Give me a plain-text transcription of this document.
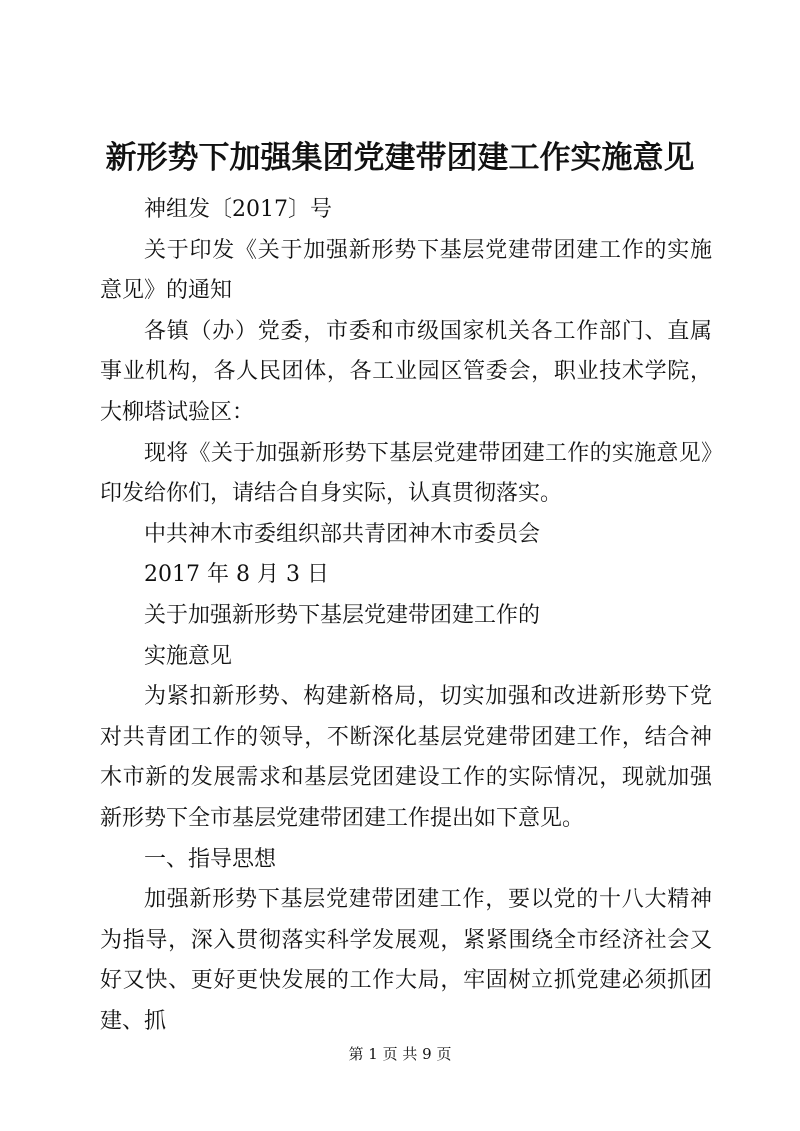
新形势下加强集团党建带团建工作实施意见

神组发〔2017〕号

关于印发《关于加强新形势下基层党建带团建工作的实施意见》的通知

各镇（办）党委，市委和市级国家机关各工作部门、直属事业机构，各人民团体，各工业园区管委会，职业技术学院，大柳塔试验区：

现将《关于加强新形势下基层党建带团建工作的实施意见》印发给你们，请结合自身实际，认真贯彻落实。

中共神木市委组织部共青团神木市委员会

2017 年 8 月 3 日

关于加强新形势下基层党建带团建工作的

实施意见

为紧扣新形势、构建新格局，切实加强和改进新形势下党对共青团工作的领导，不断深化基层党建带团建工作，结合神木市新的发展需求和基层党团建设工作的实际情况，现就加强新形势下全市基层党建带团建工作提出如下意见。

一、指导思想

加强新形势下基层党建带团建工作，要以党的十八大精神为指导，深入贯彻落实科学发展观，紧紧围绕全市经济社会又好又快、更好更快发展的工作大局，牢固树立抓党建必须抓团建、抓

第 1 页 共 9 页
